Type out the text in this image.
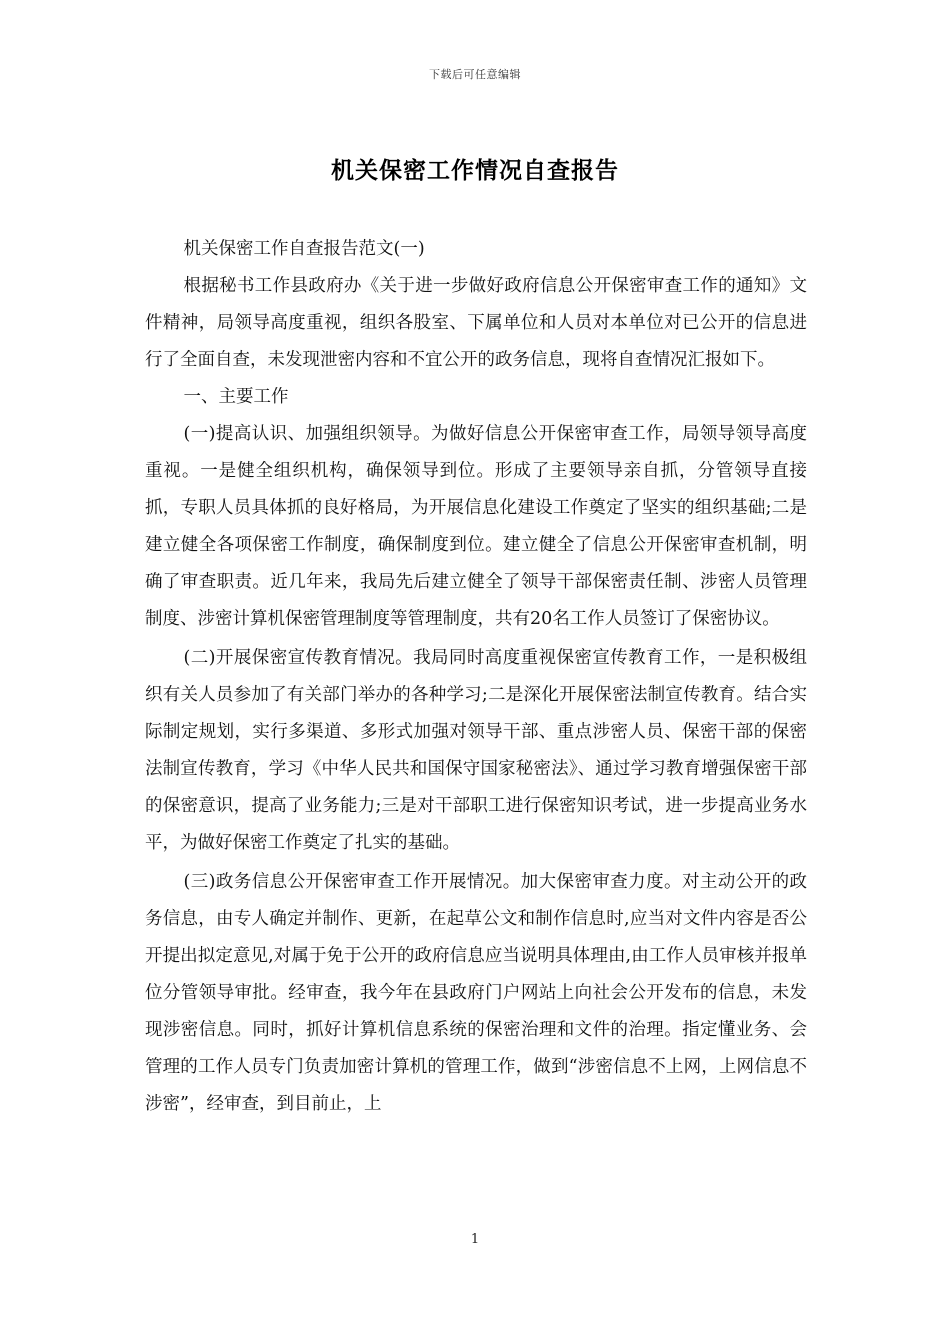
下载后可任意编辑
机关保密工作情况自查报告

机关保密工作自查报告范文(一)

根据秘书工作县政府办《关于进一步做好政府信息公开保密审查工作的通知》文件精神，局领导高度重视，组织各股室、下属单位和人员对本单位对已公开的信息进行了全面自查，未发现泄密内容和不宜公开的政务信息，现将自查情况汇报如下。

一、主要工作

(一)提高认识、加强组织领导。为做好信息公开保密审查工作，局领导领导高度重视。一是健全组织机构，确保领导到位。形成了主要领导亲自抓，分管领导直接抓，专职人员具体抓的良好格局，为开展信息化建设工作奠定了坚实的组织基础;二是建立健全各项保密工作制度，确保制度到位。建立健全了信息公开保密审查机制，明确了审查职责。近几年来，我局先后建立健全了领导干部保密责任制、涉密人员管理制度、涉密计算机保密管理制度等管理制度，共有20名工作人员签订了保密协议。

(二)开展保密宣传教育情况。我局同时高度重视保密宣传教育工作，一是积极组织有关人员参加了有关部门举办的各种学习;二是深化开展保密法制宣传教育。结合实际制定规划，实行多渠道、多形式加强对领导干部、重点涉密人员、保密干部的保密法制宣传教育，学习《中华人民共和国保守国家秘密法》、通过学习教育增强保密干部的保密意识，提高了业务能力;三是对干部职工进行保密知识考试，进一步提高业务水平，为做好保密工作奠定了扎实的基础。

(三)政务信息公开保密审查工作开展情况。加大保密审查力度。对主动公开的政务信息，由专人确定并制作、更新，在起草公文和制作信息时,应当对文件内容是否公开提出拟定意见,对属于免于公开的政府信息应当说明具体理由,由工作人员审核并报单位分管领导审批。经审查，我今年在县政府门户网站上向社会公开发布的信息，未发现涉密信息。同时，抓好计算机信息系统的保密治理和文件的治理。指定懂业务、会管理的工作人员专门负责加密计算机的管理工作，做到“涉密信息不上网，上网信息不涉密”，经审查，到目前止，上

1
